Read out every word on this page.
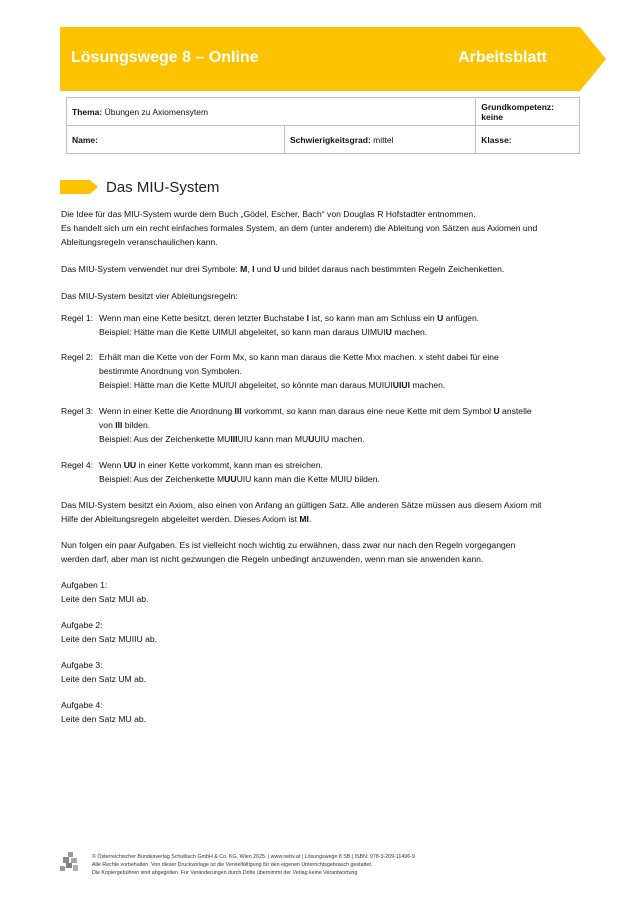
Lösungswege 8 – Online	Arbeitsblatt
Thema: Übungen zu Axiomensytem		Grundkompetenz: keine
Name:	Schwierigkeitsgrad: mittel	Klasse:
Das MIU-System
Die Idee für das MIU-System wurde dem Buch „Gödel, Escher, Bach“ von Douglas R Hofstadter entnommen.
Es handelt sich um ein recht einfaches formales System, an dem (unter anderem) die Ableitung von Sätzen aus Axiomen und
Ableitungsregeln veranschaulichen kann.
Das MIU-System verwendet nur drei Symbole: M, I und U und bildet daraus nach bestimmten Regeln Zeichenketten.
Das MIU-System besitzt vier Ableitungsregeln:
Regel 1: Wenn man eine Kette besitzt, deren letzter Buchstabe I ist, so kann man am Schluss ein U anfügen.
Beispiel: Hätte man die Kette UIMUI abgeleitet, so kann man daraus UIMUIU machen.
Regel 2: Erhält man die Kette von der Form Mx, so kann man daraus die Kette Mxx machen. x steht dabei für eine
bestimmte Anordnung von Symbolen.
Beispiel: Hätte man die Kette MUIUI abgeleitet, so könnte man daraus MUIUIUIUI machen.
Regel 3: Wenn in einer Kette die Anordnung III vorkommt, so kann man daraus eine neue Kette mit dem Symbol U anstelle
von III bilden.
Beispiel: Aus der Zeichenkette MUIIIUIU kann man MUUUIU machen.
Regel 4: Wenn UU in einer Kette vorkommt, kann man es streichen.
Beispiel: Aus der Zeichenkette MUUUIU kann man die Kette MUIU bilden.
Das MIU-System besitzt ein Axiom, also einen von Anfang an gültigen Satz. Alle anderen Sätze müssen aus diesem Axiom mit
Hilfe der Ableitungsregeln abgeleitet werden. Dieses Axiom ist MI.
Nun folgen ein paar Aufgaben. Es ist vielleicht noch wichtig zu erwähnen, dass zwar nur nach den Regeln vorgegangen
werden darf, aber man ist nicht gezwungen die Regeln unbedingt anzuwenden, wenn man sie anwenden kann.
Aufgaben 1:
Leite den Satz MUI ab.
Aufgabe 2:
Leite den Satz MUIIU ab.
Aufgabe 3:
Leite den Satz UM ab.
Aufgabe 4:
Leite den Satz MU ab.
© Österreichischer Bundesverlag Schulbuch GmbH & Co. KG, Wien 2025. | www.oebv.at | Lösungswege 8 SB | ISBN: 978-3-209-11496-9
Alle Rechte vorbehalten. Von dieser Druckvorlage ist die Vervielfältigung für den eigenen Unterrichtsgebrauch gestattet.
Die Kopiergebühren sind abgegolten. Für Veränderungen durch Dritte übernimmt der Verlag keine Verantwortung.
